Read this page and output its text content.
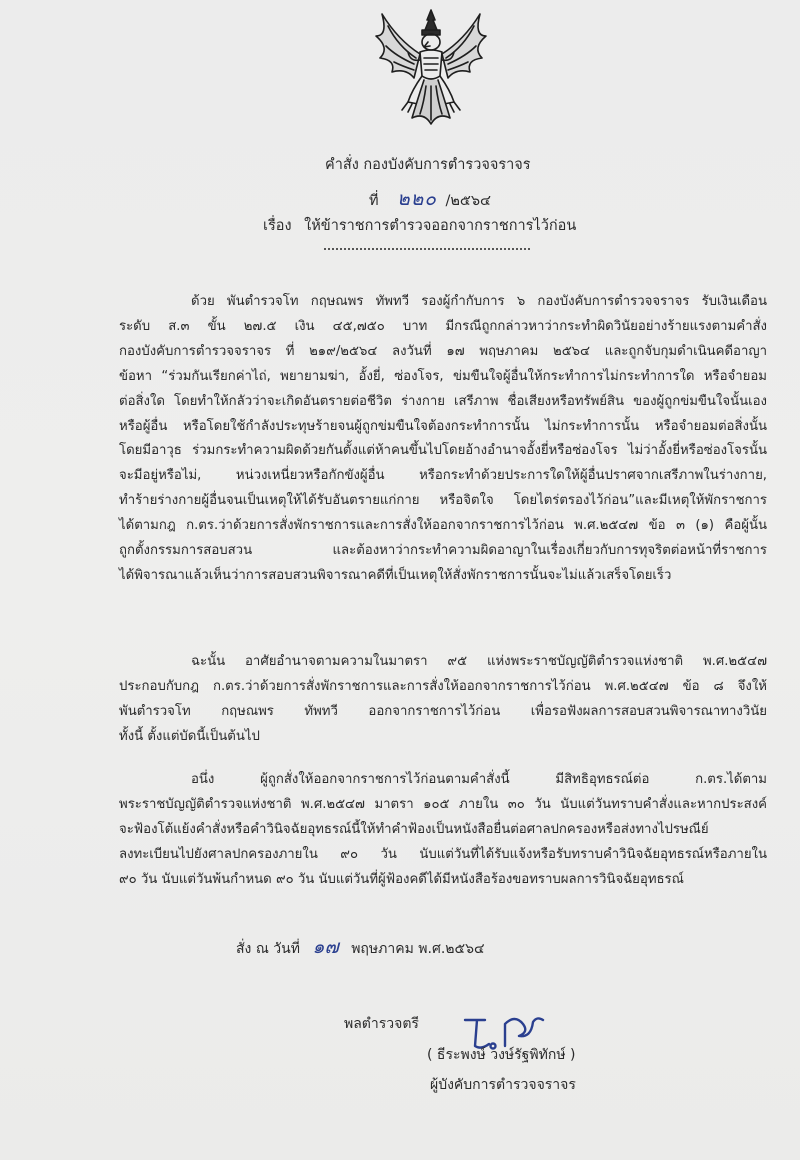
คำสั่ง กองบังคับการตำรวจจราจร
ที่ ๒๒๐ /๒๕๖๔
เรื่อง ให้ข้าราชการตำรวจออกจากราชการไว้ก่อน

ด้วย พันตำรวจโท กฤษณพร ทัพทวี รองผู้กำกับการ ๖ กองบังคับการตำรวจจราจร รับเงินเดือน

ระดับ ส.๓ ขั้น ๒๗.๕ เงิน ๔๕,๗๕๐ บาท มีกรณีถูกกล่าวหาว่ากระทำผิดวินัยอย่างร้ายแรงตามคำสั่ง

กองบังคับการตำรวจจราจร ที่ ๒๑๙/๒๕๖๔ ลงวันที่ ๑๗ พฤษภาคม ๒๕๖๔ และถูกจับกุมดำเนินคดีอาญา

ข้อหา “ร่วมกันเรียกค่าไถ่, พยายามฆ่า, อั้งยี่, ซ่องโจร, ข่มขืนใจผู้อื่นให้กระทำการไม่กระทำการใด หรือจำยอม

ต่อสิ่งใด โดยทำให้กลัวว่าจะเกิดอันตรายต่อชีวิต ร่างกาย เสรีภาพ ชื่อเสียงหรือทรัพย์สิน ของผู้ถูกข่มขืนใจนั้นเอง

หรือผู้อื่น หรือโดยใช้กำลังประทุษร้ายจนผู้ถูกข่มขืนใจต้องกระทำการนั้น ไม่กระทำการนั้น หรือจำยอมต่อสิ่งนั้น

โดยมีอาวุธ ร่วมกระทำความผิดด้วยกันตั้งแต่ห้าคนขึ้นไปโดยอ้างอำนาจอั้งยี่หรือซ่องโจร ไม่ว่าอั้งยี่หรือซ่องโจรนั้น

จะมีอยู่หรือไม่, หน่วงเหนี่ยวหรือกักขังผู้อื่น หรือกระทำด้วยประการใดให้ผู้อื่นปราศจากเสรีภาพในร่างกาย,

ทำร้ายร่างกายผู้อื่นจนเป็นเหตุให้ได้รับอันตรายแก่กาย หรือจิตใจ โดยไตร่ตรองไว้ก่อน”และมีเหตุให้พักราชการ

ได้ตามกฎ ก.ตร.ว่าด้วยการสั่งพักราชการและการสั่งให้ออกจากราชการไว้ก่อน พ.ศ.๒๕๔๗ ข้อ ๓ (๑) คือผู้นั้น

ถูกตั้งกรรมการสอบสวน และต้องหาว่ากระทำความผิดอาญาในเรื่องเกี่ยวกับการทุจริตต่อหน้าที่ราชการ

ได้พิจารณาแล้วเห็นว่าการสอบสวนพิจารณาคดีที่เป็นเหตุให้สั่งพักราชการนั้นจะไม่แล้วเสร็จโดยเร็ว

ฉะนั้น อาศัยอำนาจตามความในมาตรา ๙๕ แห่งพระราชบัญญัติตำรวจแห่งชาติ พ.ศ.๒๕๔๗

ประกอบกับกฎ ก.ตร.ว่าด้วยการสั่งพักราชการและการสั่งให้ออกจากราชการไว้ก่อน พ.ศ.๒๕๔๗ ข้อ ๘ จึงให้

พันตำรวจโท กฤษณพร ทัพทวี ออกจากราชการไว้ก่อน เพื่อรอฟังผลการสอบสวนพิจารณาทางวินัย

ทั้งนี้ ตั้งแต่บัดนี้เป็นต้นไป

อนึ่ง ผู้ถูกสั่งให้ออกจากราชการไว้ก่อนตามคำสั่งนี้ มีสิทธิอุทธรณ์ต่อ ก.ตร.ได้ตาม

พระราชบัญญัติตำรวจแห่งชาติ พ.ศ.๒๕๔๗ มาตรา ๑๐๕ ภายใน ๓๐ วัน นับแต่วันทราบคำสั่งและหากประสงค์

จะฟ้องโต้แย้งคำสั่งหรือคำวินิจฉัยอุทธรณ์นี้ให้ทำคำฟ้องเป็นหนังสือยื่นต่อศาลปกครองหรือส่งทางไปรษณีย์

ลงทะเบียนไปยังศาลปกครองภายใน ๙๐ วัน นับแต่วันที่ได้รับแจ้งหรือรับทราบคำวินิจฉัยอุทธรณ์หรือภายใน

๙๐ วัน นับแต่วันพ้นกำหนด ๙๐ วัน นับแต่วันที่ผู้ฟ้องคดีได้มีหนังสือร้องขอทราบผลการวินิจฉัยอุทธรณ์

สั่ง ณ วันที่ ๑๗ พฤษภาคม พ.ศ.๒๕๖๔
พลตำรวจตรี
( ธีระพงษ์ วงษ์รัฐพิทักษ์ )
ผู้บังคับการตำรวจจราจร
